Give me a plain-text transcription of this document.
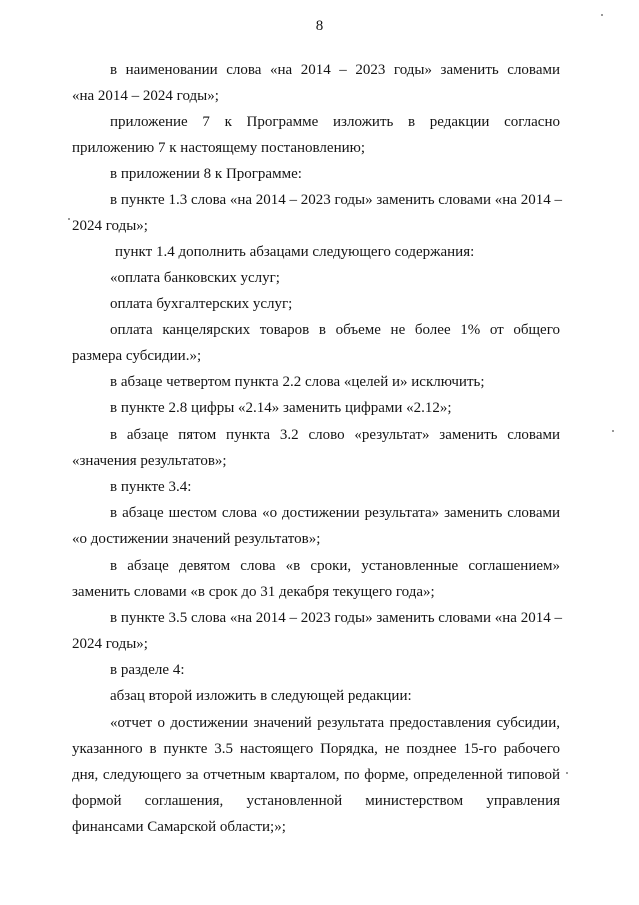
8
в наименовании слова «на 2014 – 2023 годы» заменить словами
«на 2014 – 2024 годы»;
приложение 7 к Программе изложить в редакции согласно
приложению 7 к настоящему постановлению;
в приложении 8 к Программе:
в пункте 1.3 слова «на 2014 – 2023 годы» заменить словами «на 2014 –
2024 годы»;
пункт 1.4 дополнить абзацами следующего содержания:
«оплата банковских услуг;
оплата бухгалтерских услуг;
оплата канцелярских товаров в объеме не более 1% от общего
размера субсидии.»;
в абзаце четвертом пункта 2.2 слова «целей и» исключить;
в пункте 2.8 цифры «2.14» заменить цифрами «2.12»;
в абзаце пятом пункта 3.2 слово «результат» заменить словами
«значения результатов»;
в пункте 3.4:
в абзаце шестом слова «о достижении результата» заменить словами
«о достижении значений результатов»;
в абзаце девятом слова «в сроки, установленные соглашением»
заменить словами «в срок до 31 декабря текущего года»;
в пункте 3.5 слова «на 2014 – 2023 годы» заменить словами «на 2014 –
2024 годы»;
в разделе 4:
абзац второй изложить в следующей редакции:
«отчет о достижении значений результата предоставления субсидии,
указанного в пункте 3.5 настоящего Порядка, не позднее 15-го рабочего
дня, следующего за отчетным кварталом, по форме, определенной типовой
формой соглашения, установленной министерством управления
финансами Самарской области;»;
